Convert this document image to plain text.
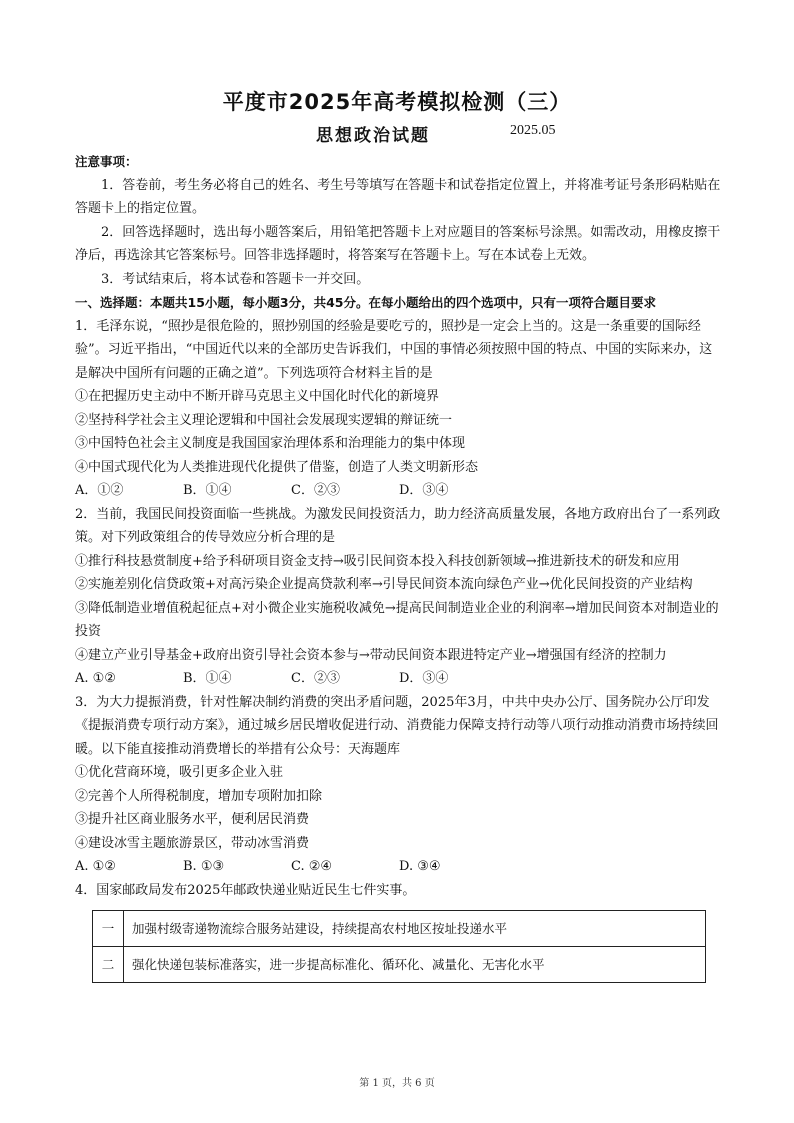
平度市2025年高考模拟检测（三）
思想政治试题	2025.05

注意事项：

1．答卷前，考生务必将自己的姓名、考生号等填写在答题卡和试卷指定位置上，并将准考证号条形码粘贴在答题卡上的指定位置。

2．回答选择题时，选出每小题答案后，用铅笔把答题卡上对应题目的答案标号涂黑。如需改动，用橡皮擦干净后，再选涂其它答案标号。回答非选择题时，将答案写在答题卡上。写在本试卷上无效。

3．考试结束后，将本试卷和答题卡一并交回。

一、选择题：本题共15小题，每小题3分，共45分。在每小题给出的四个选项中，只有一项符合题目要求

1．毛泽东说，“照抄是很危险的，照抄别国的经验是要吃亏的，照抄是一定会上当的。这是一条重要的国际经验”。习近平指出，“中国近代以来的全部历史告诉我们，中国的事情必须按照中国的特点、中国的实际来办，这是解决中国所有问题的正确之道”。下列选项符合材料主旨的是

①在把握历史主动中不断开辟马克思主义中国化时代化的新境界

②坚持科学社会主义理论逻辑和中国社会发展现实逻辑的辩证统一

③中国特色社会主义制度是我国国家治理体系和治理能力的集中体现

④中国式现代化为人类推进现代化提供了借鉴，创造了人类文明新形态

A．①②	B．①④	C．②③	D．③④

2．当前，我国民间投资面临一些挑战。为激发民间投资活力，助力经济高质量发展，各地方政府出台了一系列政策。对下列政策组合的传导效应分析合理的是

①推行科技悬赏制度+给予科研项目资金支持→吸引民间资本投入科技创新领域→推进新技术的研发和应用

②实施差别化信贷政策+对高污染企业提高贷款利率→引导民间资本流向绿色产业→优化民间投资的产业结构

③降低制造业增值税起征点+对小微企业实施税收减免→提高民间制造业企业的利润率→增加民间资本对制造业的投资

④建立产业引导基金+政府出资引导社会资本参与→带动民间资本跟进特定产业→增强国有经济的控制力

A. ①②	B．①④	C．②③	D．③④

3．为大力提振消费，针对性解决制约消费的突出矛盾问题，2025年3月，中共中央办公厅、国务院办公厅印发《提振消费专项行动方案》，通过城乡居民增收促进行动、消费能力保障支持行动等八项行动推动消费市场持续回暖。以下能直接推动消费增长的举措有公众号：天海题库

①优化营商环境，吸引更多企业入驻

②完善个人所得税制度，增加专项附加扣除

③提升社区商业服务水平，便利居民消费

④建设冰雪主题旅游景区，带动冰雪消费

A. ①②	B. ①③	C. ②④	D. ③④

4．国家邮政局发布2025年邮政快递业贴近民生七件实事。

一	加强村级寄递物流综合服务站建设，持续提高农村地区按址投递水平
二	强化快递包装标准落实，进一步提高标准化、循环化、减量化、无害化水平
第 1 页，共 6 页
